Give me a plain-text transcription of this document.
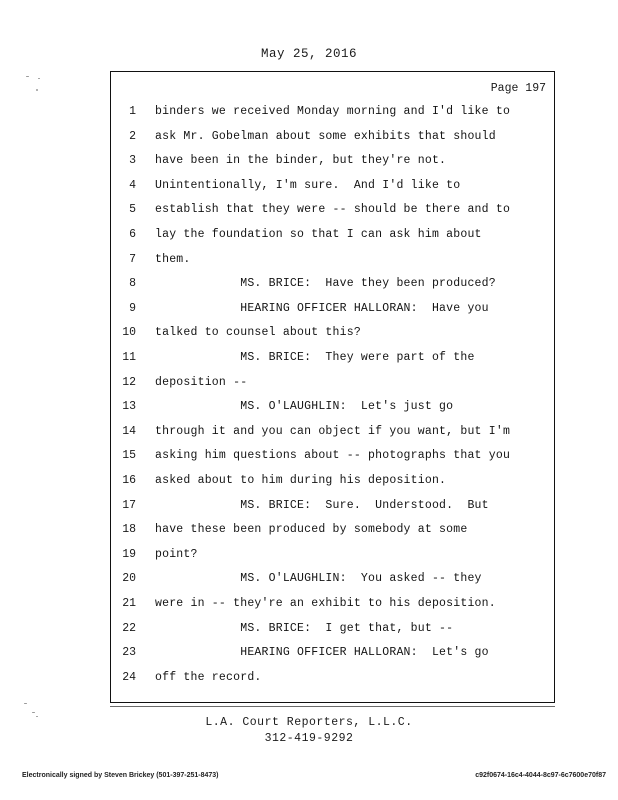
May 25, 2016
Page 197
1 binders we received Monday morning and I'd like to
2 ask Mr. Gobelman about some exhibits that should
3 have been in the binder, but they're not.
4 Unintentionally, I'm sure.  And I'd like to
5 establish that they were -- should be there and to
6 lay the foundation so that I can ask him about
7 them.
8 MS. BRICE:  Have they been produced?
9 HEARING OFFICER HALLORAN:  Have you
10 talked to counsel about this?
11 MS. BRICE:  They were part of the
12 deposition --
13 MS. O'LAUGHLIN:  Let's just go
14 through it and you can object if you want, but I'm
15 asking him questions about -- photographs that you
16 asked about to him during his deposition.
17 MS. BRICE:  Sure.  Understood.  But
18 have these been produced by somebody at some
19 point?
20 MS. O'LAUGHLIN:  You asked -- they
21 were in -- they're an exhibit to his deposition.
22 MS. BRICE:  I get that, but --
23 HEARING OFFICER HALLORAN:  Let's go
24 off the record.
L.A. Court Reporters, L.L.C.
312-419-9292
Electronically signed by Steven Brickey (501-397-251-8473)	c92f0674-16c4-4044-8c97-6c7600e70f87
